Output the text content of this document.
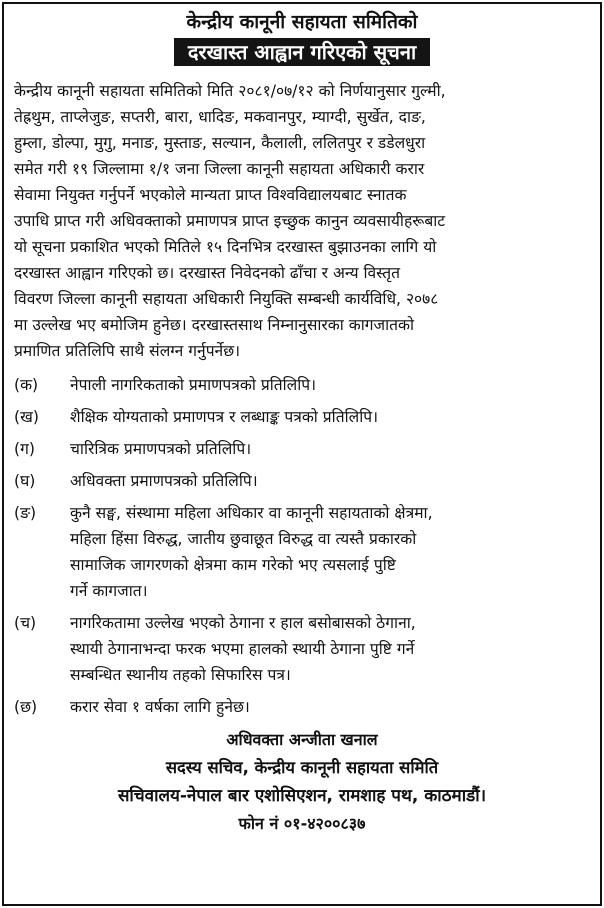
केन्द्रीय कानूनी सहायता समितिको
दरखास्त आह्वान गरिएको सूचना
केन्द्रीय कानूनी सहायता समितिको मिति २०८१/०७/१२ को निर्णयानुसार गुल्मी,
तेह्रथुम, ताप्लेजुङ, सप्तरी, बारा, धादिङ, मकवानपुर, म्याग्दी, सुर्खेत, दाङ,
हुम्ला, डोल्पा, मुगु, मनाङ, मुस्ताङ, सल्यान, कैलाली, ललितपुर र डडेलधुरा
समेत गरी १९ जिल्लामा १/१ जना जिल्ला कानूनी सहायता अधिकारी करार
सेवामा नियुक्त गर्नुपर्ने भएकोले मान्यता प्राप्त विश्वविद्यालयबाट स्नातक
उपाधि प्राप्त गरी अधिवक्ताको प्रमाणपत्र प्राप्त इच्छुक कानुन व्यवसायीहरूबाट
यो सूचना प्रकाशित भएको मितिले १५ दिनभित्र दरखास्त बुझाउनका लागि यो
दरखास्त आह्वान गरिएको छ। दरखास्त निवेदनको ढाँचा र अन्य विस्तृत
विवरण जिल्ला कानूनी सहायता अधिकारी नियुक्ति सम्बन्धी कार्यविधि, २०७८
मा उल्लेख भए बमोजिम हुनेछ। दरखास्तसाथ निम्नानुसारका कागजातको
प्रमाणित प्रतिलिपि साथै संलग्न गर्नुपर्नेछ।
(क)	नेपाली नागरिकताको प्रमाणपत्रको प्रतिलिपि।
(ख)	शैक्षिक योग्यताको प्रमाणपत्र र लब्धाङ्क पत्रको प्रतिलिपि।
(ग)	चारित्रिक प्रमाणपत्रको प्रतिलिपि।
(घ)	अधिवक्ता प्रमाणपत्रको प्रतिलिपि।
(ङ)	कुनै सङ्घ, संस्थामा महिला अधिकार वा कानूनी सहायताको क्षेत्रमा,
महिला हिंसा विरुद्ध, जातीय छुवाछूत विरुद्ध वा त्यस्तै प्रकारको
सामाजिक जागरणको क्षेत्रमा काम गरेको भए त्यसलाई पुष्टि
गर्ने कागजात।
(च)	नागरिकतामा उल्लेख भएको ठेगाना र हाल बसोबासको ठेगाना,
स्थायी ठेगानाभन्दा फरक भएमा हालको स्थायी ठेगाना पुष्टि गर्ने
सम्बन्धित स्थानीय तहको सिफारिस पत्र।
(छ)	करार सेवा १ वर्षका लागि हुनेछ।
अधिवक्ता अन्जीता खनाल
सदस्य सचिव, केन्द्रीय कानूनी सहायता समिति
सचिवालय-नेपाल बार एशोसिएशन, रामशाह पथ, काठमाडौं।
फोन नं ०१-४२००८३७
